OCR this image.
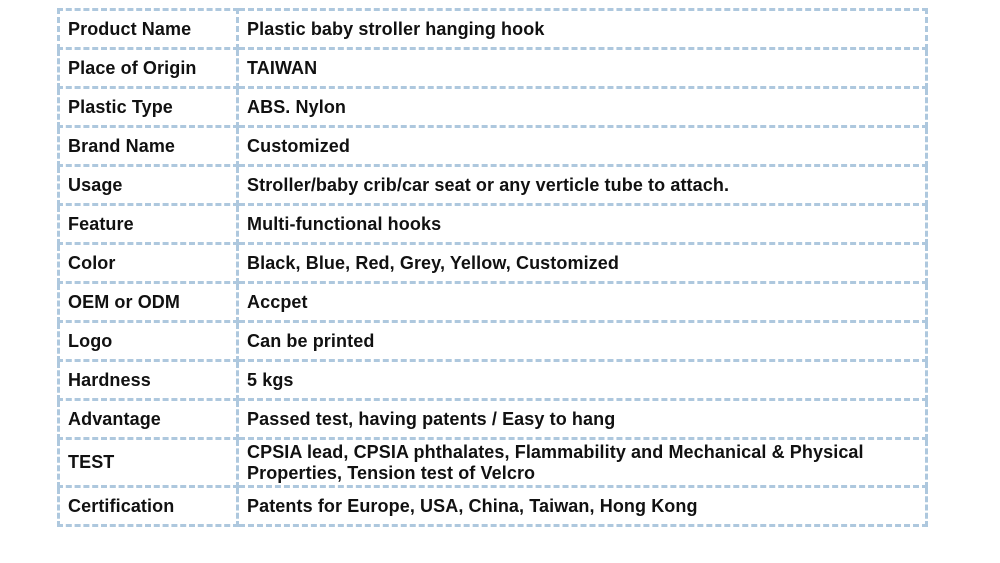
Product Name	Plastic baby stroller hanging hook
Place of Origin	TAIWAN
Plastic Type	ABS. Nylon
Brand Name	Customized
Usage	Stroller/baby crib/car seat or any verticle tube to attach.
Feature	Multi-functional hooks
Color	Black, Blue, Red, Grey, Yellow, Customized
OEM or ODM	Accpet
Logo	Can be printed
Hardness	5 kgs
Advantage	Passed test, having patents / Easy to hang
TEST	CPSIA lead, CPSIA phthalates, Flammability and Mechanical & Physical Properties, Tension test of Velcro
Certification	Patents for Europe, USA, China, Taiwan, Hong Kong
